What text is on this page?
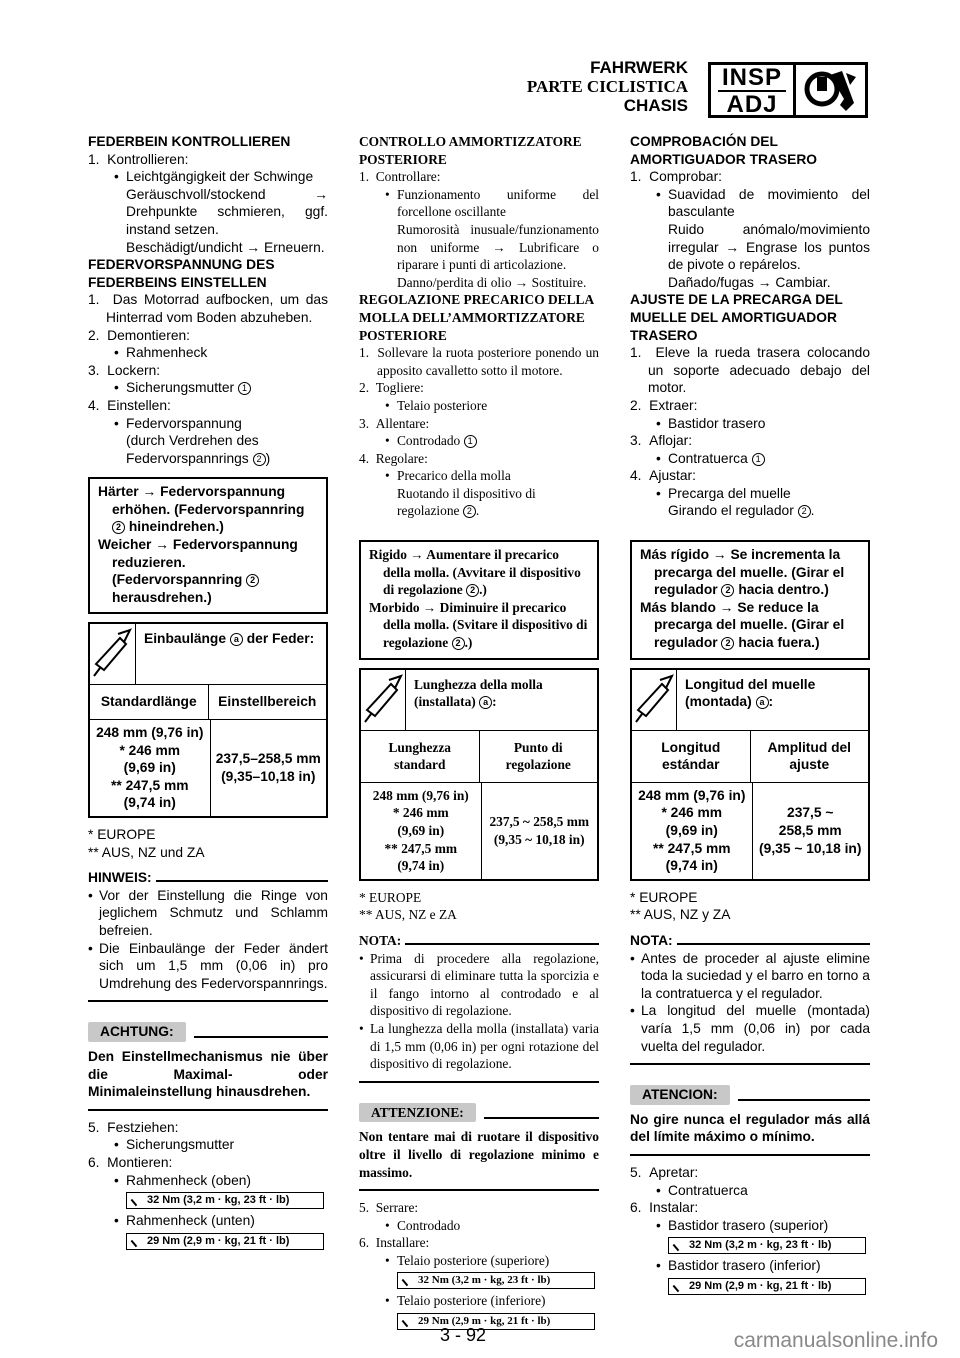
FAHRWERK
PARTE CICLISTICA
CHASIS
INSP
ADJ
FEDERBEIN KONTROLLIEREN
1.  Kontrollieren:
• Leichtgängigkeit der Schwinge
Geräuschvoll/stockend → Drehpunkte schmieren, ggf. instand setzen.
Beschädigt/undicht → Erneuern.
FEDERVORSPANNUNG DES FEDERBEINS EINSTELLEN
1.  Das Motorrad aufbocken, um das Hinterrad vom Boden abzuheben.
2.  Demontieren:
• Rahmenheck
3.  Lockern:
• Sicherungsmutter 1
4.  Einstellen:
• Federvorspannung
(durch Verdrehen des Federvorspannrings 2 )
Härter → Federvorspannung erhöhen. (Federvorspannring 2 hineindrehen.)
Weicher → Federvorspannung reduzieren. (Federvorspannring 2 herausdrehen.)
Einbaulänge a der Feder:
Standardlänge	Einstellbereich
248 mm (9,76 in)
* 246 mm
(9,69 in)
** 247,5 mm
(9,74 in)
237,5–258,5 mm
(9,35–10,18 in)
* EUROPE
** AUS, NZ und ZA
HINWEIS:
• Vor der Einstellung die Ringe von jeglichem Schmutz und Schlamm befreien.
• Die Einbaulänge der Feder ändert sich um 1,5 mm (0,06 in) pro Umdrehung des Federvorspannrings.
ACHTUNG:
Den Einstellmechanismus nie über die Maximal- oder Minimaleinstellung hinausdrehen.
5.  Festziehen:
• Sicherungsmutter
6.  Montieren:
• Rahmenheck (oben)
32 Nm (3,2 m · kg, 23 ft · lb)
• Rahmenheck (unten)
29 Nm (2,9 m · kg, 21 ft · lb)
CONTROLLO AMMORTIZZATORE POSTERIORE
1.  Controllare:
• Funzionamento uniforme del forcellone oscillante
Rumorosità inusuale/funzionamento non uniforme → Lubrificare o riparare i punti di articolazione.
Danno/perdita di olio → Sostituire.
REGOLAZIONE PRECARICO DELLA MOLLA DELL’AMMORTIZZATORE POSTERIORE
1.  Sollevare la ruota posteriore ponendo un apposito cavalletto sotto il motore.
2.  Togliere:
• Telaio posteriore
3.  Allentare:
• Controdado 1
4.  Regolare:
• Precarico della molla
Ruotando il dispositivo di regolazione 2 .
Rigido → Aumentare il precarico della molla. (Avvitare il dispositivo di regolazione 2 .)
Morbido → Diminuire il precarico della molla. (Svitare il dispositivo di regolazione 2 .)
Lunghezza della molla (installata) a :
Lunghezza standard
Punto di regolazione
248 mm (9,76 in)
* 246 mm
(9,69 in)
** 247,5 mm
(9,74 in)
237,5 ~ 258,5 mm
(9,35 ~ 10,18 in)
* EUROPE
** AUS, NZ e ZA
NOTA:
• Prima di procedere alla regolazione, assicurarsi di eliminare tutta la sporcizia e il fango intorno al controdado e al dispositivo di regolazione.
• La lunghezza della molla (installata) varia di 1,5 mm (0,06 in) per ogni rotazione del dispositivo di regolazione.
ATTENZIONE:
Non tentare mai di ruotare il dispositivo oltre il livello di regolazione minimo e massimo.
5.  Serrare:
• Controdado
6.  Installare:
• Telaio posteriore (superiore)
32 Nm (3,2 m · kg, 23 ft · lb)
• Telaio posteriore (inferiore)
29 Nm (2,9 m · kg, 21 ft · lb)
COMPROBACIÓN DEL AMORTIGUADOR TRASERO
1.  Comprobar:
• Suavidad de movimiento del basculante
Ruido anómalo/movimiento irregular → Engrase los puntos de pivote o repárelos.
Dañado/fugas → Cambiar.
AJUSTE DE LA PRECARGA DEL MUELLE DEL AMORTIGUADOR TRASERO
1.  Eleve la rueda trasera colocando un soporte adecuado debajo del motor.
2.  Extraer:
• Bastidor trasero
3.  Aflojar:
• Contratuerca 1
4.  Ajustar:
• Precarga del muelle
Girando el regulador 2 .
Más rígido → Se incrementa la precarga del muelle. (Girar el regulador 2 hacia dentro.)
Más blando → Se reduce la precarga del muelle. (Girar el regulador 2 hacia fuera.)
Longitud del muelle (montada) a :
Longitud estándar
Amplitud del ajuste
248 mm (9,76 in)
* 246 mm
(9,69 in)
** 247,5 mm
(9,74 in)
237,5 ~
258,5 mm
(9,35 ~ 10,18 in)
* EUROPE
** AUS, NZ y ZA
NOTA:
• Antes de proceder al ajuste elimine toda la suciedad y el barro en torno a la contratuerca y el regulador.
• La longitud del muelle (montada) varía 1,5 mm (0,06 in) por cada vuelta del regulador.
ATENCION:
No gire nunca el regulador más allá del límite máximo o mínimo.
5.  Apretar:
• Contratuerca
6.  Instalar:
• Bastidor trasero (superior)
32 Nm (3,2 m · kg, 23 ft · lb)
• Bastidor trasero (inferior)
29 Nm (2,9 m · kg, 21 ft · lb)
3 - 92	carmanualsonline.info
